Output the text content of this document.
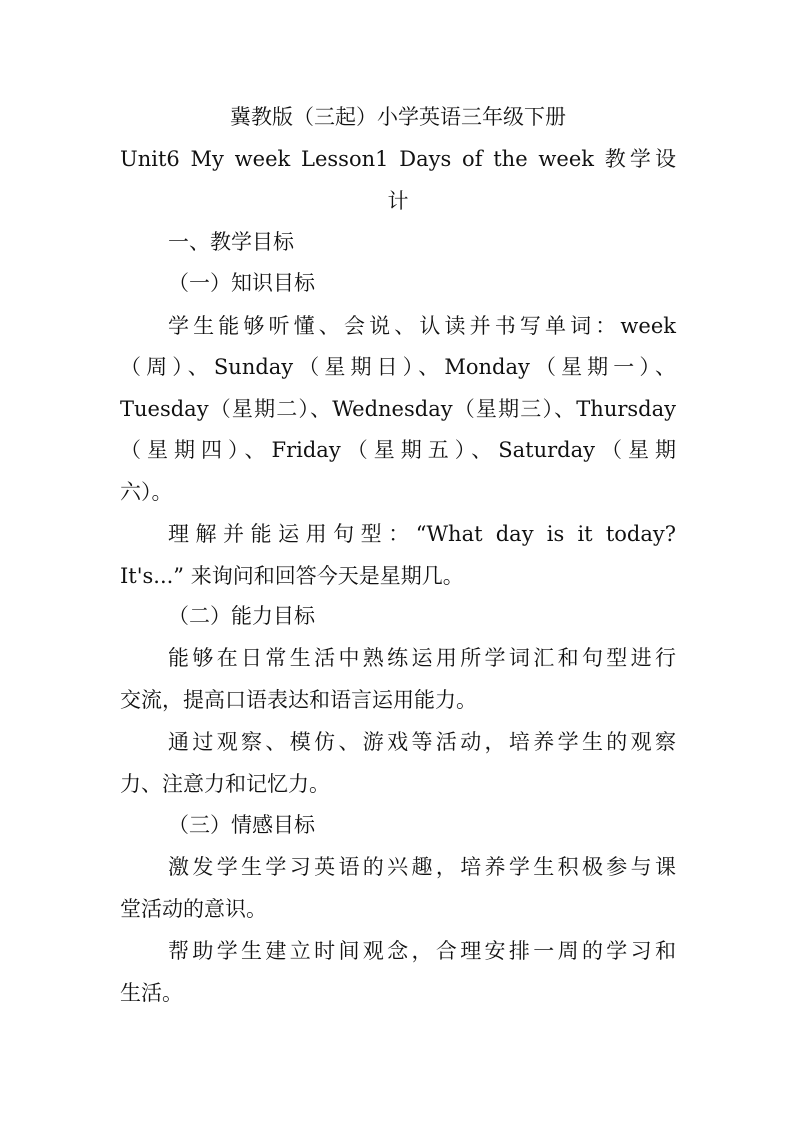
冀教版（三起）小学英语三年级下册
Unit6 My week Lesson1 Days of the week 教学设
计
一、教学目标
（一）知识目标
学生能够听懂、会说、认读并书写单词：week
（周）、Sunday（星期日）、Monday（星期一）、
Tuesday（星期二）、Wednesday（星期三）、Thursday
（星期四）、Friday（星期五）、Saturday（星期
六）。
理解并能运用句型：“What day is it today?
It's...” 来询问和回答今天是星期几。
（二）能力目标
能够在日常生活中熟练运用所学词汇和句型进行
交流，提高口语表达和语言运用能力。
通过观察、模仿、游戏等活动，培养学生的观察
力、注意力和记忆力。
（三）情感目标
激发学生学习英语的兴趣，培养学生积极参与课
堂活动的意识。
帮助学生建立时间观念，合理安排一周的学习和
生活。
